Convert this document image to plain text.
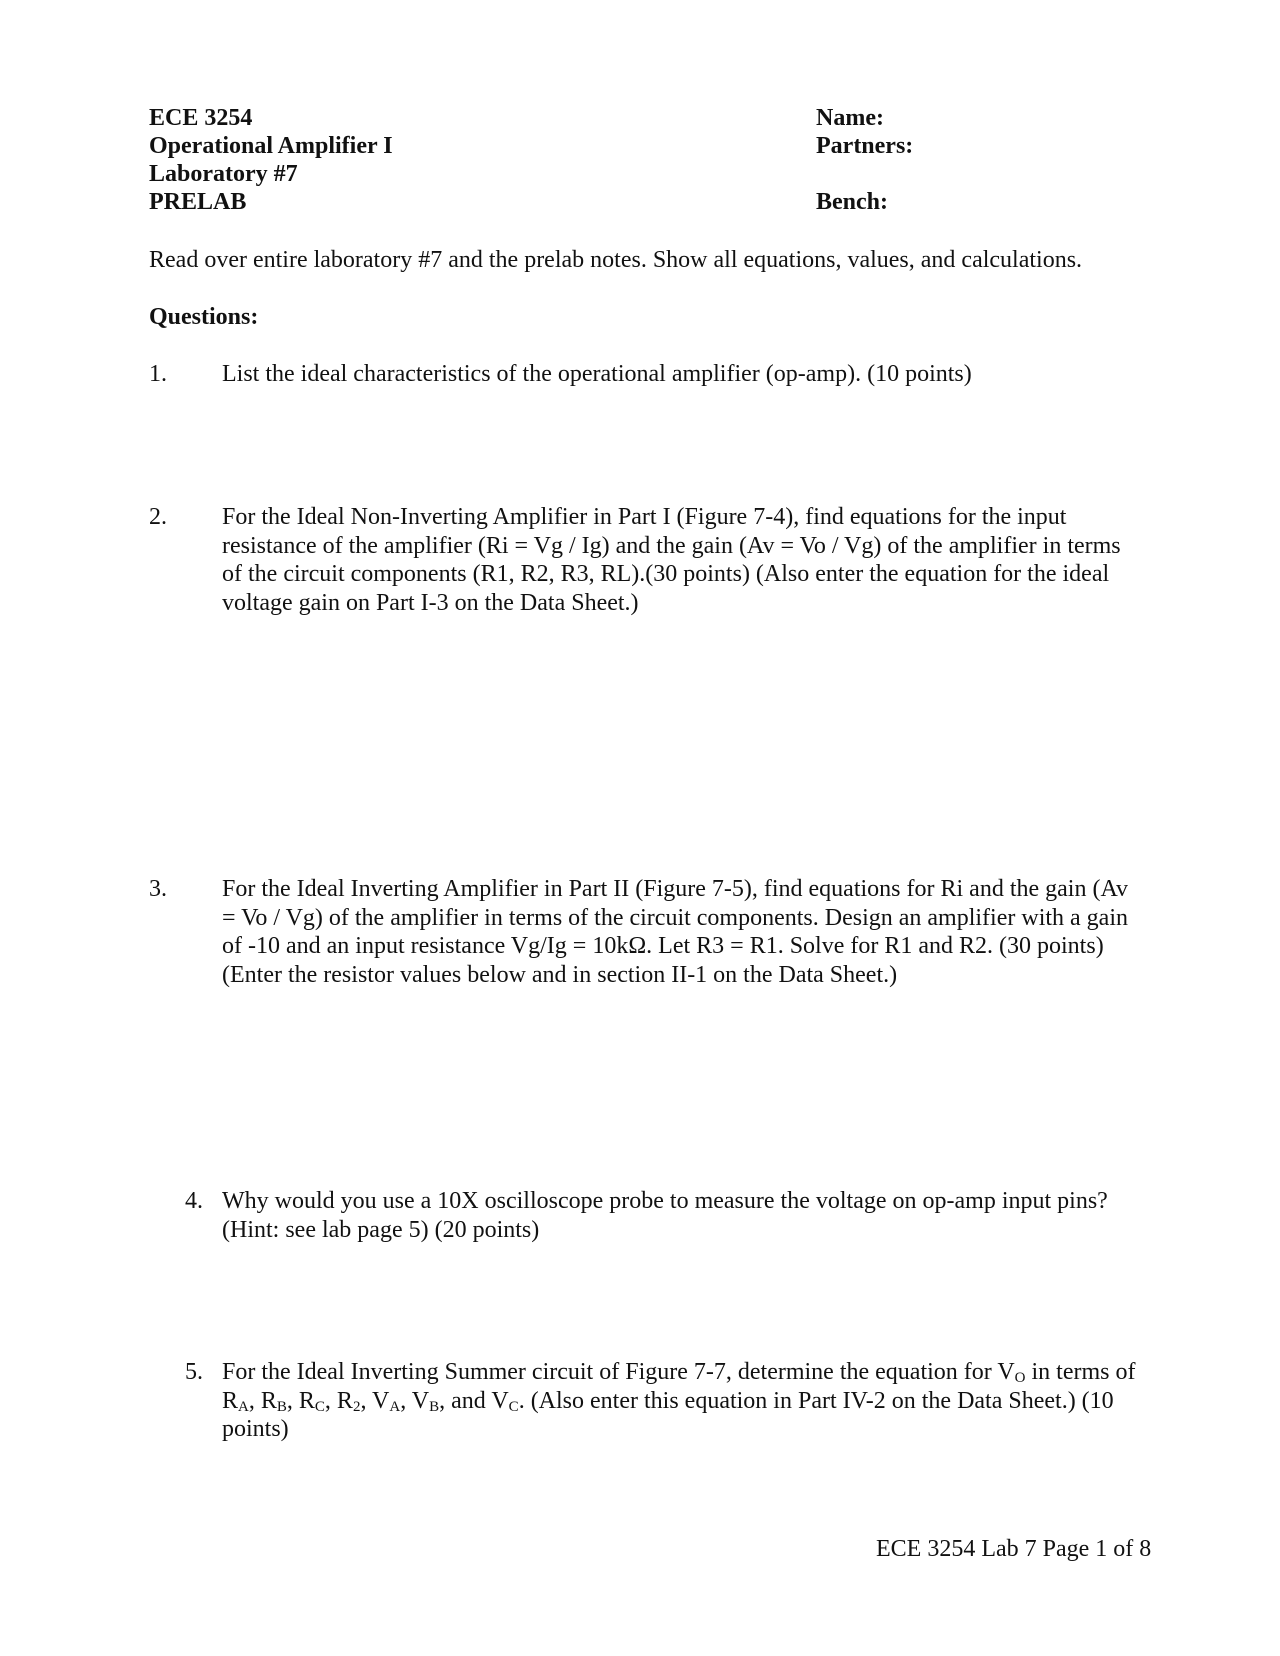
ECE 3254
Operational Amplifier I
Laboratory #7
PRELAB
Name:
Partners:
Bench:
Read over entire laboratory #7 and the prelab notes. Show all equations, values, and calculations.
Questions:
1. List the ideal characteristics of the operational amplifier (op-amp). (10 points)
2. For the Ideal Non-Inverting Amplifier in Part I (Figure 7-4), find equations for the input resistance of the amplifier (Ri = Vg / Ig) and the gain (Av = Vo / Vg) of the amplifier in terms of the circuit components (R1, R2, R3, RL).(30 points) (Also enter the equation for the ideal voltage gain on Part I-3 on the Data Sheet.)
3. For the Ideal Inverting Amplifier in Part II (Figure 7-5), find equations for Ri and the gain (Av = Vo / Vg) of the amplifier in terms of the circuit components. Design an amplifier with a gain of -10 and an input resistance Vg/Ig = 10kΩ. Let R3 = R1. Solve for R1 and R2. (30 points) (Enter the resistor values below and in section II-1 on the Data Sheet.)
4. Why would you use a 10X oscilloscope probe to measure the voltage on op-amp input pins? (Hint: see lab page 5) (20 points)
5. For the Ideal Inverting Summer circuit of Figure 7-7, determine the equation for $V_O$ in terms of $R_A$, $R_B$, $R_C$, $R_2$, $V_A$, $V_B$, and $V_C$. (Also enter this equation in Part IV-2 on the Data Sheet.) (10 points)
ECE 3254 Lab 7 Page 1 of 8
